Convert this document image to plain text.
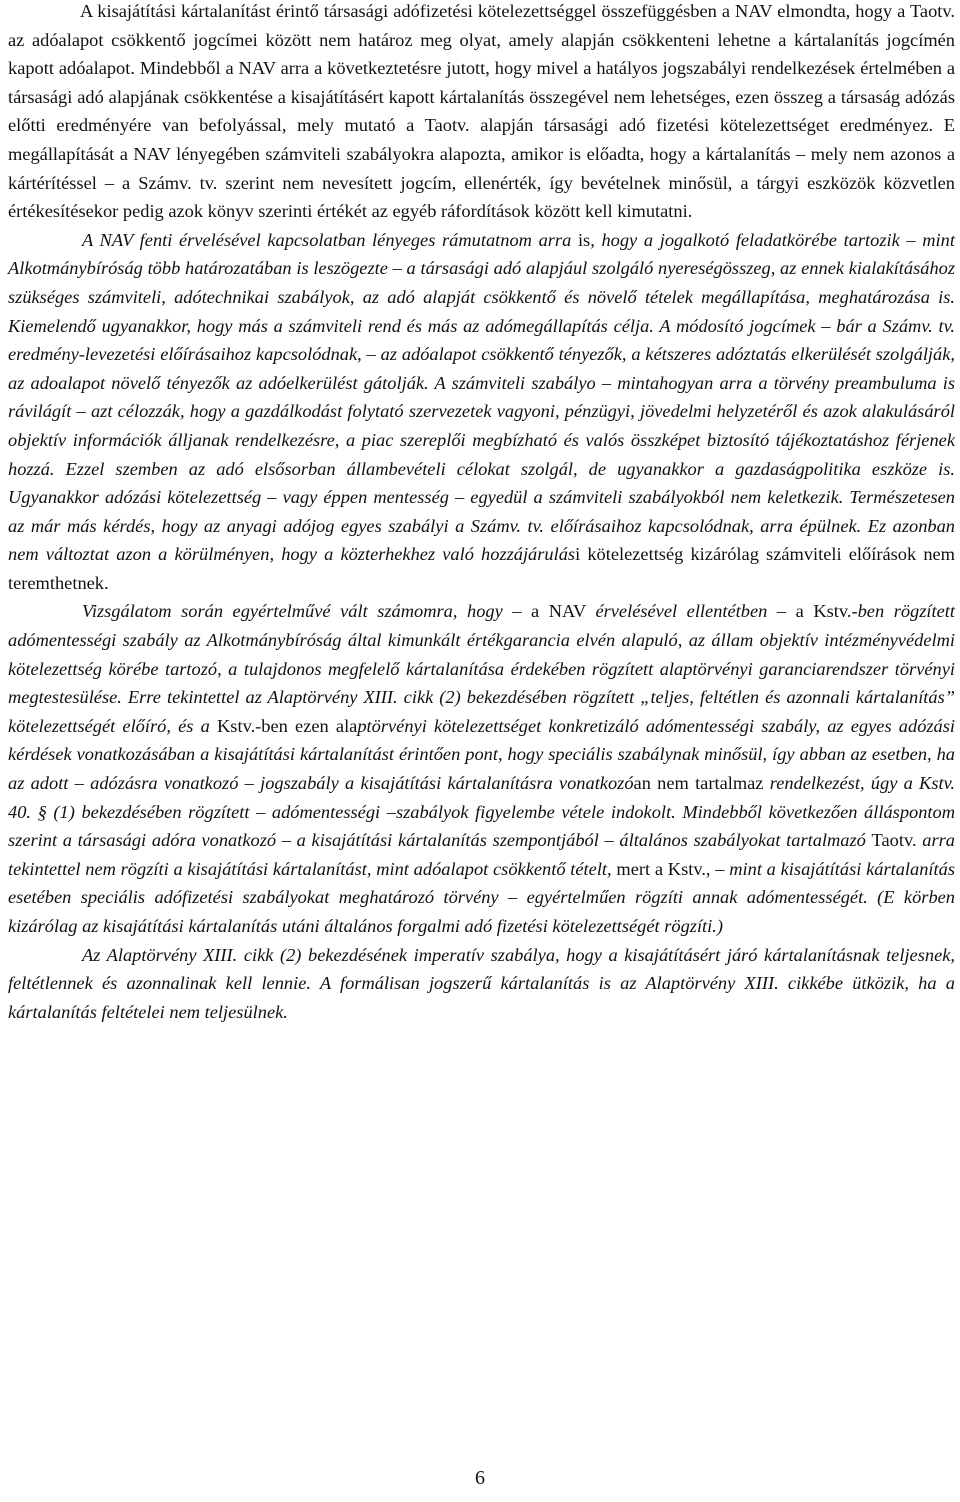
A kisajátítási kártalanítást érintő társasági adófizetési kötelezettséggel összefüggésben a NAV elmondta, hogy a Taotv. az adóalapot csökkentő jogcímei között nem határoz meg olyat, amely alapján csökkenteni lehetne a kártalanítás jogcímén kapott adóalapot. Mindebből a NAV arra a következtetésre jutott, hogy mivel a hatályos jogszabályi rendelkezések értelmében a társasági adó alapjának csökkentése a kisajátításért kapott kártalanítás összegével nem lehetséges, ezen összeg a társaság adózás előtti eredményére van befolyással, mely mutató a Taotv. alapján társasági adó fizetési kötelezettséget eredményez. E megállapítását a NAV lényegében számviteli szabályokra alapozta, amikor is előadta, hogy a kártalanítás – mely nem azonos a kártérítéssel – a Számv. tv. szerint nem nevesített jogcím, ellenérték, így bevételnek minősül, a tárgyi eszközök közvetlen értékesítésekor pedig azok könyv szerinti értékét az egyéb ráfordítások között kell kimutatni.

A NAV fenti érvelésével kapcsolatban lényeges rámutatnom arra is, hogy a jogalkotó feladatkörébe tartozik – mint Alkotmánybíróság több határozatában is leszögezte – a társasági adó alapjául szolgáló nyereségösszeg, az ennek kialakításához szükséges számviteli, adótechnikai szabályok, az adó alapját csökkentő és növelő tételek megállapítása, meghatározása is. Kiemelendő ugyanakkor, hogy más a számviteli rend és más az adómegállapítás célja. A módosító jogcímek – bár a Számv. tv. eredmény-levezetési előírásaihoz kapcsolódnak, – az adóalapot csökkentő tényezők, a kétszeres adóztatás elkerülését szolgálják, az adoalapot növelő tényezők az adóelkerülést gátolják. A számviteli szabályo – mintahogyan arra a törvény preambuluma is rávilágít – azt célozzák, hogy a gazdálkodást folytató szervezetek vagyoni, pénzügyi, jövedelmi helyzetéről és azok alakulásáról objektív információk álljanak rendelkezésre, a piac szereplői megbízható és valós összképet biztosító tájékoztatáshoz férjenek hozzá. Ezzel szemben az adó elsősorban állambevételi célokat szolgál, de ugyanakkor a gazdaságpolitika eszköze is. Ugyanakkor adózási kötelezettség – vagy éppen mentesség – egyedül a számviteli szabályokból nem keletkezik. Természetesen az már más kérdés, hogy az anyagi adójog egyes szabályi a Számv. tv. előírásaihoz kapcsolódnak, arra épülnek. Ez azonban nem változtat azon a körülményen, hogy a közterhekhez való hozzájárulási kötelezettség kizárólag számviteli előírások nem teremthetnek.

Vizsgálatom során egyértelművé vált számomra, hogy – a NAV érvelésével ellentétben – a Kstv.-ben rögzített adómentességi szabály az Alkotmánybíróság által kimunkált értékgarancia elvén alapuló, az állam objektív intézményvédelmi kötelezettség körébe tartozó, a tulajdonos megfelelő kártalanítása érdekében rögzített alaptörvényi garanciarendszer törvényi megtestesülése. Erre tekintettel az Alaptörvény XIII. cikk (2) bekezdésében rögzített „teljes, feltétlen és azonnali kártalanítás” kötelezettségét előíró, és a Kstv.-ben ezen alaptörvényi kötelezettséget konkretizáló adómentességi szabály, az egyes adózási kérdések vonatkozásában a kisajátítási kártalanítást érintően pont, hogy speciális szabálynak minősül, így abban az esetben, ha az adott – adózásra vonatkozó – jogszabály a kisajátítási kártalanításra vonatkozóan nem tartalmaz rendelkezést, úgy a Kstv. 40. § (1) bekezdésében rögzített – adómentességi –szabályok figyelembe vétele indokolt. Mindebből következően álláspontom szerint a társasági adóra vonatkozó – a kisajátítási kártalanítás szempontjából – általános szabályokat tartalmazó Taotv. arra tekintettel nem rögzíti a kisajátítási kártalanítást, mint adóalapot csökkentő tételt, mert a Kstv., – mint a kisajátítási kártalanítás esetében speciális adófizetési szabályokat meghatározó törvény – egyértelműen rögzíti annak adómentességét. (E körben kizárólag az kisajátítási kártalanítás utáni általános forgalmi adó fizetési kötelezettségét rögzíti.)

Az Alaptörvény XIII. cikk (2) bekezdésének imperatív szabálya, hogy a kisajátításért járó kártalanításnak teljesnek, feltétlennek és azonnalinak kell lennie. A formálisan jogszerű kártalanítás is az Alaptörvény XIII. cikkébe ütközik, ha a kártalanítás feltételei nem teljesülnek.

6
